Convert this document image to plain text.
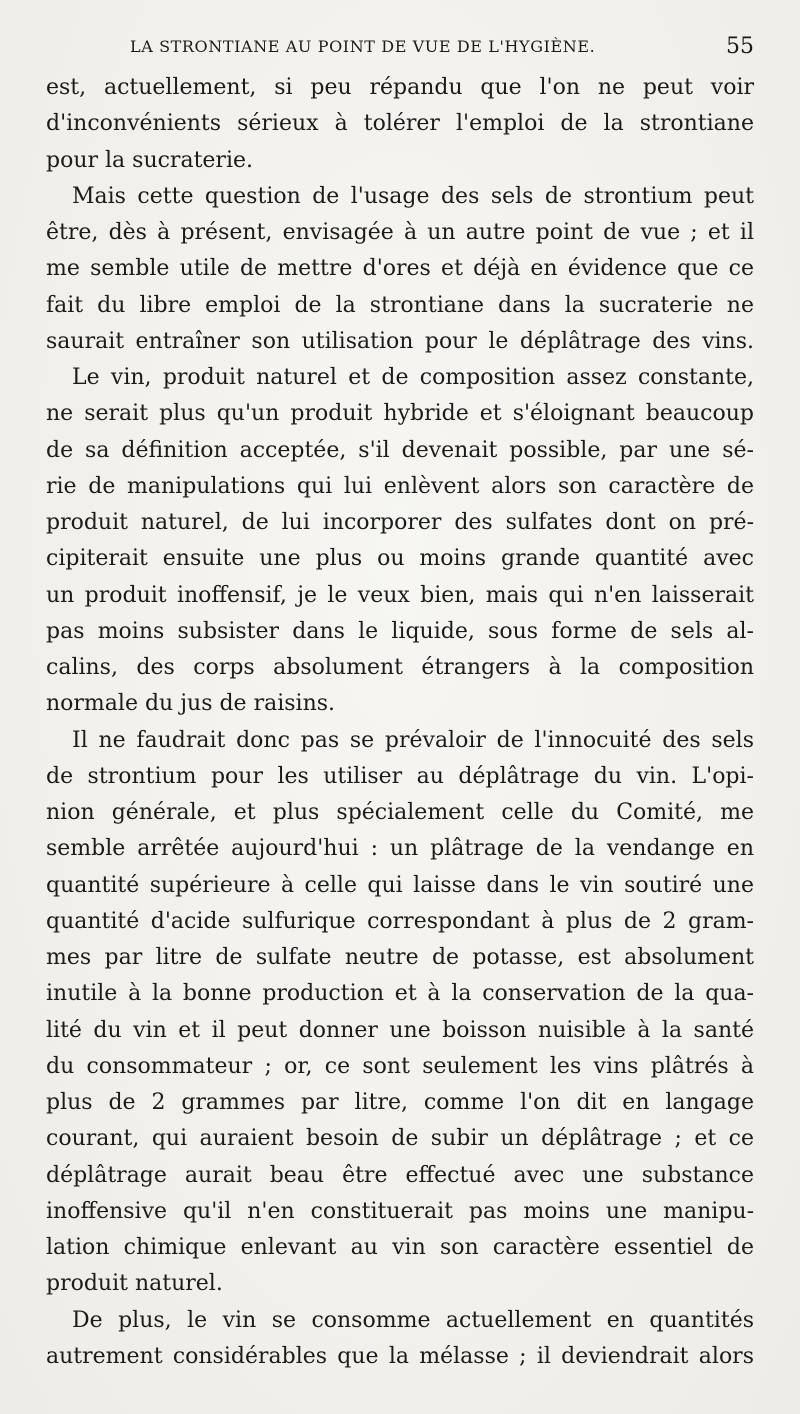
LA STRONTIANE AU POINT DE VUE DE L'HYGIÈNE.	55
est, actuellement, si peu répandu que l'on ne peut voir
d'inconvénients sérieux à tolérer l'emploi de la strontiane
pour la sucraterie.
Mais cette question de l'usage des sels de strontium peut
être, dès à présent, envisagée à un autre point de vue ; et il
me semble utile de mettre d'ores et déjà en évidence que ce
fait du libre emploi de la strontiane dans la sucraterie ne
saurait entraîner son utilisation pour le déplâtrage des vins.
Le vin, produit naturel et de composition assez constante,
ne serait plus qu'un produit hybride et s'éloignant beaucoup
de sa définition acceptée, s'il devenait possible, par une sé-
rie de manipulations qui lui enlèvent alors son caractère de
produit naturel, de lui incorporer des sulfates dont on pré-
cipiterait ensuite une plus ou moins grande quantité avec
un produit inoffensif, je le veux bien, mais qui n'en laisserait
pas moins subsister dans le liquide, sous forme de sels al-
calins, des corps absolument étrangers à la composition
normale du jus de raisins.
Il ne faudrait donc pas se prévaloir de l'innocuité des sels
de strontium pour les utiliser au déplâtrage du vin. L'opi-
nion générale, et plus spécialement celle du Comité, me
semble arrêtée aujourd'hui : un plâtrage de la vendange en
quantité supérieure à celle qui laisse dans le vin soutiré une
quantité d'acide sulfurique correspondant à plus de 2 gram-
mes par litre de sulfate neutre de potasse, est absolument
inutile à la bonne production et à la conservation de la qua-
lité du vin et il peut donner une boisson nuisible à la santé
du consommateur ; or, ce sont seulement les vins plâtrés à
plus de 2 grammes par litre, comme l'on dit en langage
courant, qui auraient besoin de subir un déplâtrage ; et ce
déplâtrage aurait beau être effectué avec une substance
inoffensive qu'il n'en constituerait pas moins une manipu-
lation chimique enlevant au vin son caractère essentiel de
produit naturel.
De plus, le vin se consomme actuellement en quantités
autrement considérables que la mélasse ; il deviendrait alors
